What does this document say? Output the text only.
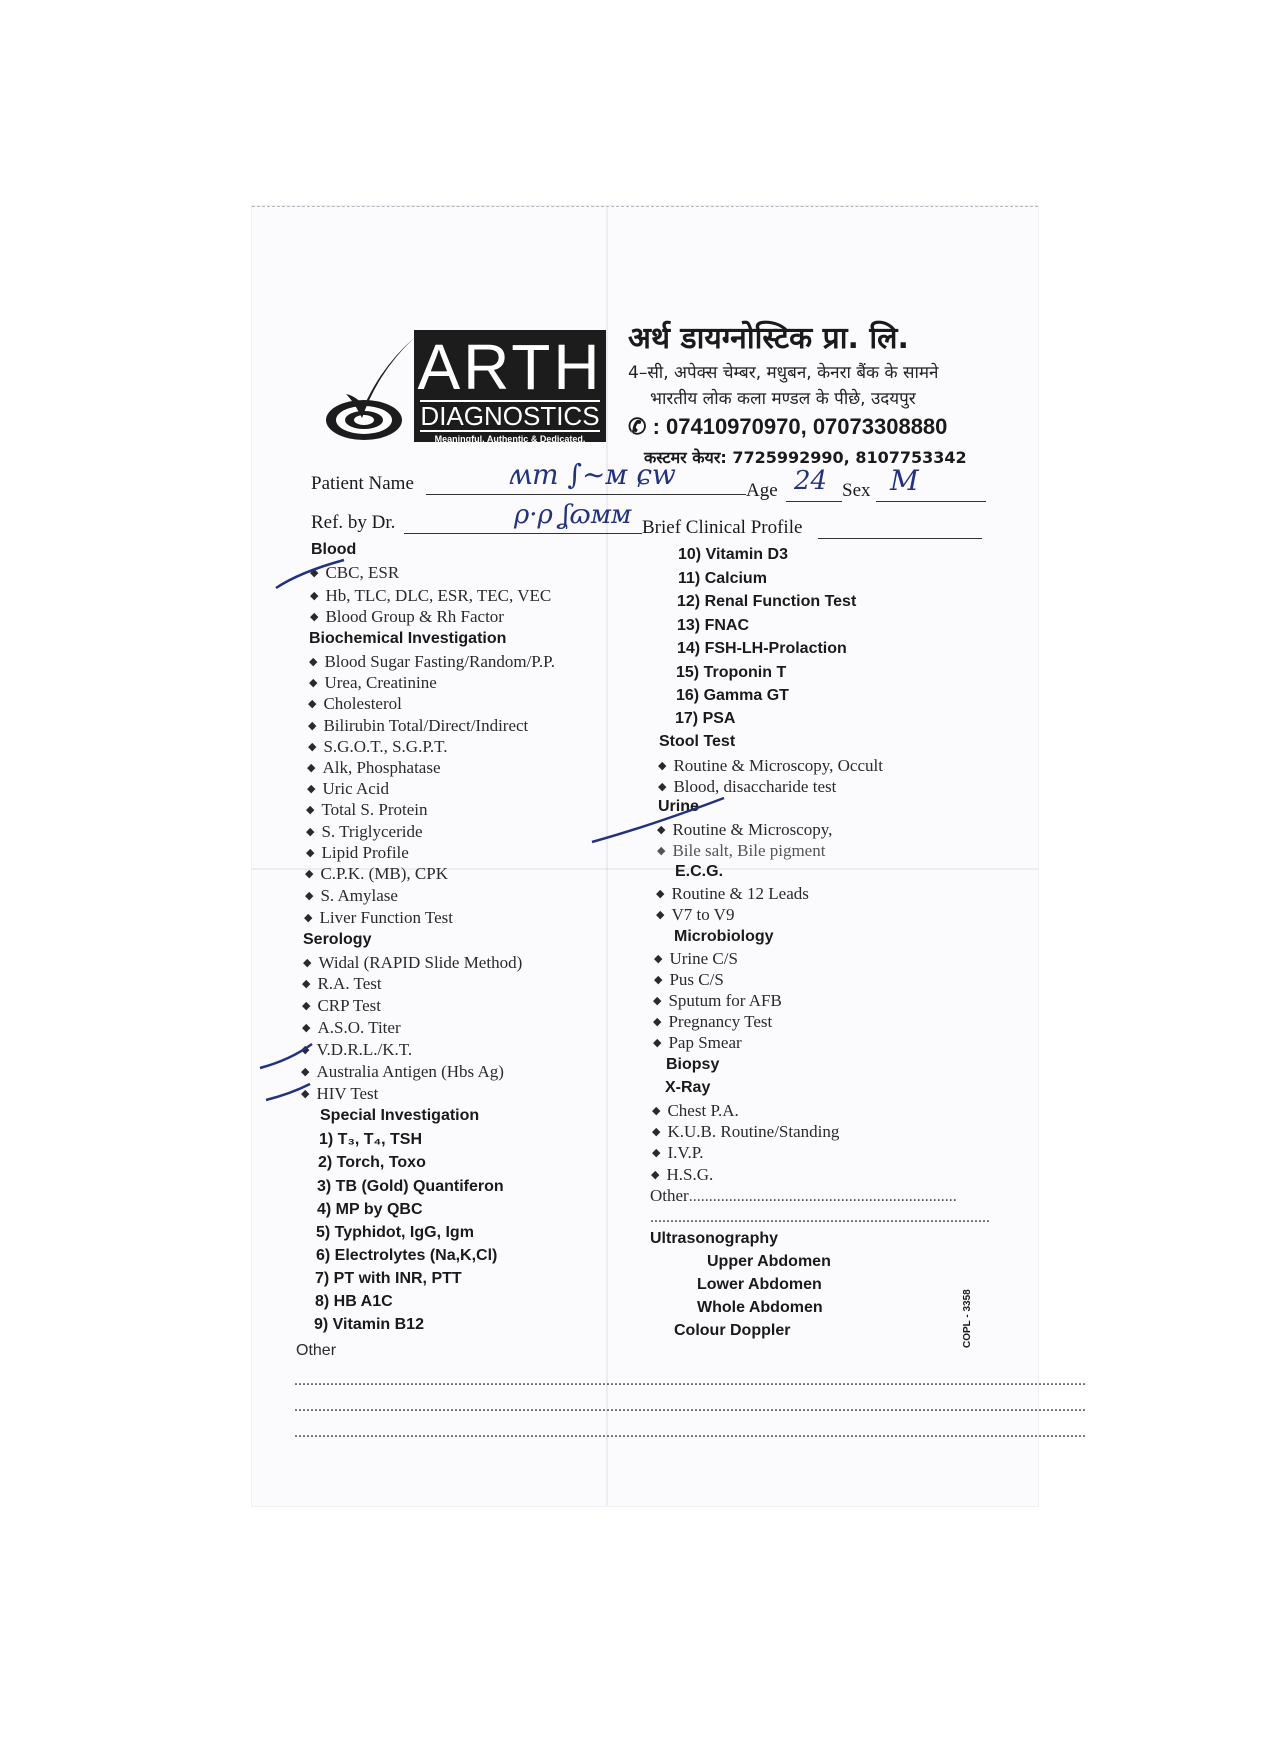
ARTH
DIAGNOSTICS
Meaningful, Authentic & Dedicated.
अर्थ डायग्नोस्टिक प्रा. लि.
4–सी, अपेक्स चेम्बर, मधुबन, केनरा बैंक के सामने
भारतीय लोक कला मण्डल के पीछे, उदयपुर
✆ : 07410970970, 07073308880
कस्टमर केयर: 7725992990, 8107753342
Patient Name	ʍm ∫~ᴍ ɕw	Age 24 Sex M
Ref. by Dr.	ρ·ρ ʆɷᴍᴍ Brief Clinical Profile
Blood
◆ CBC, ESR
◆ Hb, TLC, DLC, ESR, TEC, VEC
◆ Blood Group & Rh Factor
Biochemical Investigation
◆ Blood Sugar Fasting/Random/P.P.
◆ Urea, Creatinine
◆ Cholesterol
◆ Bilirubin Total/Direct/Indirect
◆ S.G.O.T., S.G.P.T.
◆ Alk, Phosphatase
◆ Uric Acid
◆ Total S. Protein
◆ S. Triglyceride
◆ Lipid Profile
◆ C.P.K. (MB), CPK
◆ S. Amylase
◆ Liver Function Test
Serology
◆ Widal (RAPID Slide Method)
◆ R.A. Test
◆ CRP Test
◆ A.S.O. Titer
◆ V.D.R.L./K.T.
◆ Australia Antigen (Hbs Ag)
◆ HIV Test
Special Investigation
1) T₃, T₄, TSH
2) Torch, Toxo
3) TB (Gold) Quantiferon
4) MP by QBC
5) Typhidot, IgG, Igm
6) Electrolytes (Na,K,Cl)
7) PT with INR, PTT
8) HB A1C
9) Vitamin B12
Other
......................................................................................................................................................................................................
......................................................................................................................................................................................................
......................................................................................................................................................................................................
10) Vitamin D3
11) Calcium
12) Renal Function Test
13) FNAC
14) FSH-LH-Prolaction
15) Troponin T
16) Gamma GT
17) PSA
Stool Test
◆ Routine & Microscopy, Occult
◆ Blood, disaccharide test
Urine
◆ Routine & Microscopy,
◆ Bile salt, Bile pigment
E.C.G.
◆ Routine & 12 Leads
◆ V7 to V9
Microbiology
◆ Urine C/S
◆ Pus C/S
◆ Sputum for AFB
◆ Pregnancy Test
◆ Pap Smear
Biopsy
X-Ray
◆ Chest P.A.
◆ K.U.B. Routine/Standing
◆ I.V.P.
◆ H.S.G.
Other...................................................................
.....................................................................................
Ultrasonography
Upper Abdomen
Lower Abdomen
Whole Abdomen
Colour Doppler	COPL - 3358
